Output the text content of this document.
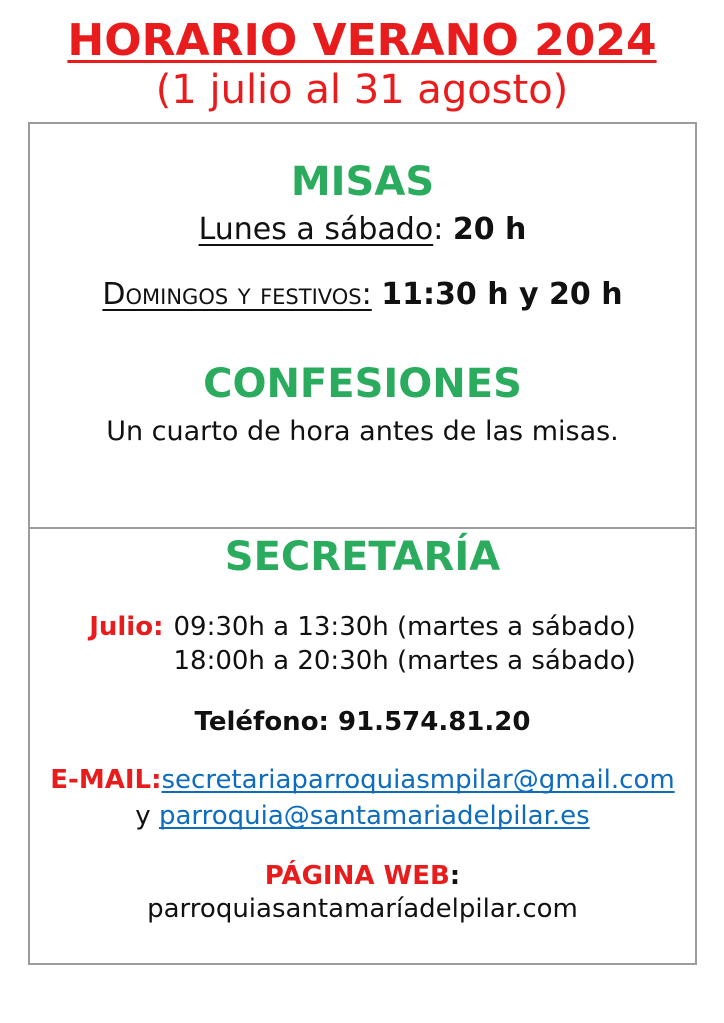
HORARIO VERANO 2024
(1 julio al 31 agosto)
MISAS

Lunes a sábado: 20 h

Domingos y festivos: 11:30 h y 20 h

CONFESIONES

Un cuarto de hora antes de las misas.

SECRETARÍA
Julio: 09:30h a 13:30h (martes a sábado)
18:00h a 20:30h (martes a sábado)

Teléfono: 91.574.81.20

E-MAIL:secretariaparroquiasmpilar@gmail.com
y parroquia@santamariadelpilar.es

PÁGINA WEB:

parroquiasantamaríadelpilar.com
